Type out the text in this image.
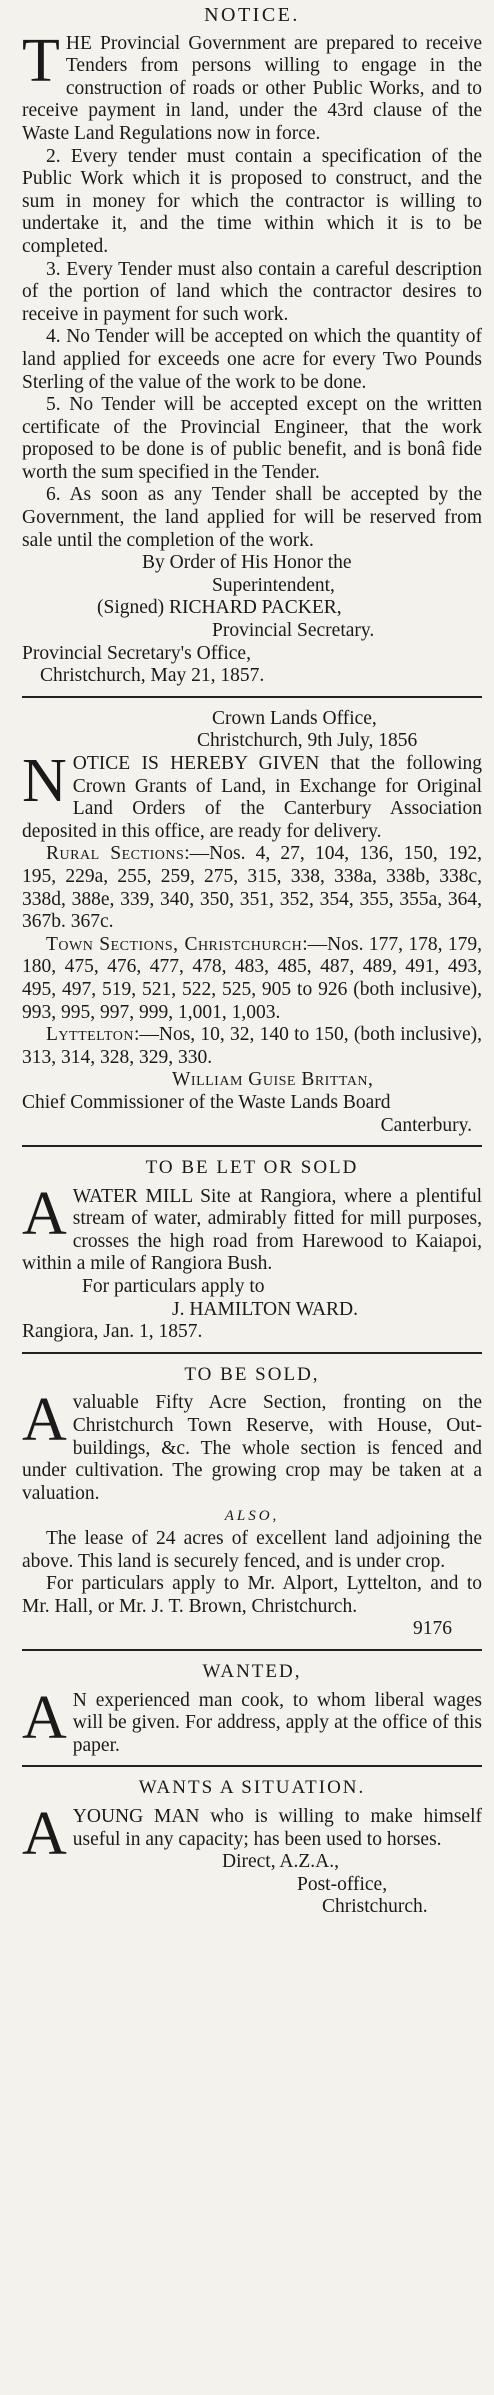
NOTICE.

THE Provincial Government are prepared to receive Tenders from persons willing to engage in the construction of roads or other Public Works, and to receive payment in land, under the 43rd clause of the Waste Land Regulations now in force.

2. Every tender must contain a specification of the Public Work which it is proposed to construct, and the sum in money for which the contractor is willing to undertake it, and the time within which it is to be completed.

3. Every Tender must also contain a careful description of the portion of land which the contractor desires to receive in payment for such work.

4. No Tender will be accepted on which the quantity of land applied for exceeds one acre for every Two Pounds Sterling of the value of the work to be done.

5. No Tender will be accepted except on the written certificate of the Provincial Engineer, that the work proposed to be done is of public benefit, and is bonâ fide worth the sum specified in the Tender.

6. As soon as any Tender shall be accepted by the Government, the land applied for will be reserved from sale until the completion of the work.

By Order of His Honor the

Superintendent,

(Signed) RICHARD PACKER,

Provincial Secretary.

Provincial Secretary's Office,

Christchurch, May 21, 1857.

Crown Lands Office,

Christchurch, 9th July, 1856

NOTICE IS HEREBY GIVEN that the following Crown Grants of Land, in Exchange for Original Land Orders of the Canterbury Association deposited in this office, are ready for delivery.

Rural Sections:—Nos. 4, 27, 104, 136, 150, 192, 195, 229a, 255, 259, 275, 315, 338, 338a, 338b, 338c, 338d, 388e, 339, 340, 350, 351, 352, 354, 355, 355a, 364, 367b. 367c.

Town Sections, Christchurch:—Nos. 177, 178, 179, 180, 475, 476, 477, 478, 483, 485, 487, 489, 491, 493, 495, 497, 519, 521, 522, 525, 905 to 926 (both inclusive), 993, 995, 997, 999, 1,001, 1,003.

Lyttelton:—Nos, 10, 32, 140 to 150, (both inclusive), 313, 314, 328, 329, 330.

William Guise Brittan,

Chief Commissioner of the Waste Lands Board

Canterbury.

TO BE LET OR SOLD

AWATER MILL Site at Rangiora, where a plentiful stream of water, admirably fitted for mill purposes, crosses the high road from Harewood to Kaiapoi, within a mile of Rangiora Bush.

For particulars apply to

J. HAMILTON WARD.

Rangiora, Jan. 1, 1857.

TO BE SOLD,

Avaluable Fifty Acre Section, fronting on the Christchurch Town Reserve, with House, Out-buildings, &c. The whole section is fenced and under cultivation. The growing crop may be taken at a valuation.

ALSO,

The lease of 24 acres of excellent land adjoining the above. This land is securely fenced, and is under crop.

For particulars apply to Mr. Alport, Lyttelton, and to Mr. Hall, or Mr. J. T. Brown, Christchurch.

9176

WANTED,

A N experienced man cook, to whom liberal wages will be given. For address, apply at the office of this paper.

WANTS A SITUATION.

AYOUNG MAN who is willing to make himself useful in any capacity; has been used to horses.

Direct, A.Z.A.,

Post-office,

Christchurch.
